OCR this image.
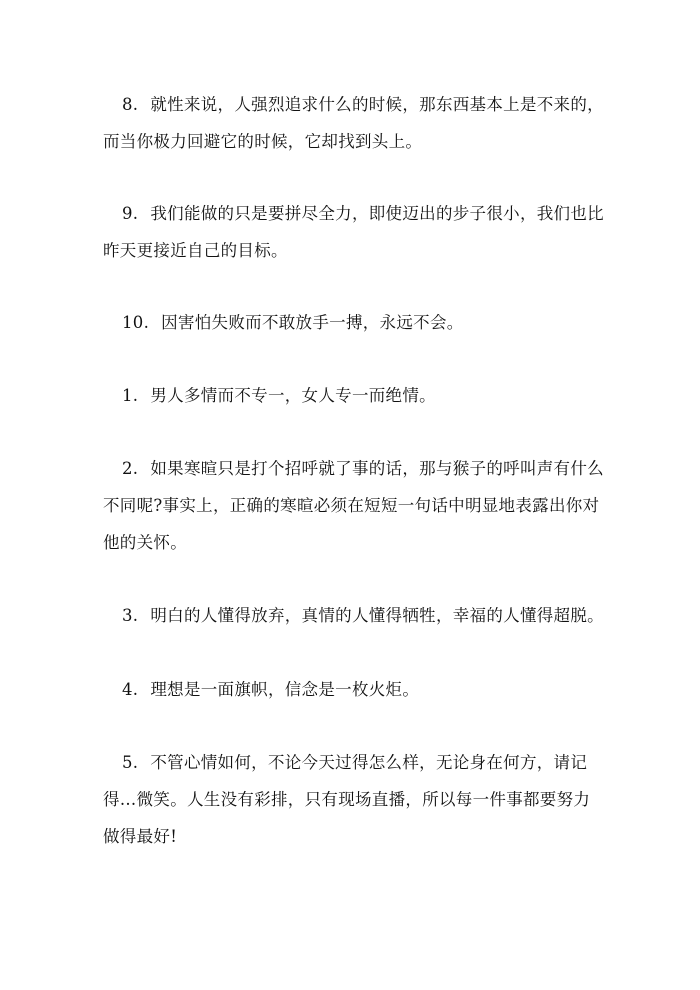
8. 就性来说，人强烈追求什么的时候，那东西基本上是不来的，
而当你极力回避它的时候，它却找到头上。
9. 我们能做的只是要拼尽全力，即使迈出的步子很小，我们也比
昨天更接近自己的目标。
10. 因害怕失败而不敢放手一搏，永远不会。
1. 男人多情而不专一，女人专一而绝情。
2. 如果寒暄只是打个招呼就了事的话，那与猴子的呼叫声有什么
不同呢?事实上，正确的寒暄必须在短短一句话中明显地表露出你对
他的关怀。
3. 明白的人懂得放弃，真情的人懂得牺牲，幸福的人懂得超脱。
4. 理想是一面旗帜，信念是一枚火炬。
5. 不管心情如何，不论今天过得怎么样，无论身在何方，请记
得…微笑。人生没有彩排，只有现场直播，所以每一件事都要努力
做得最好!
